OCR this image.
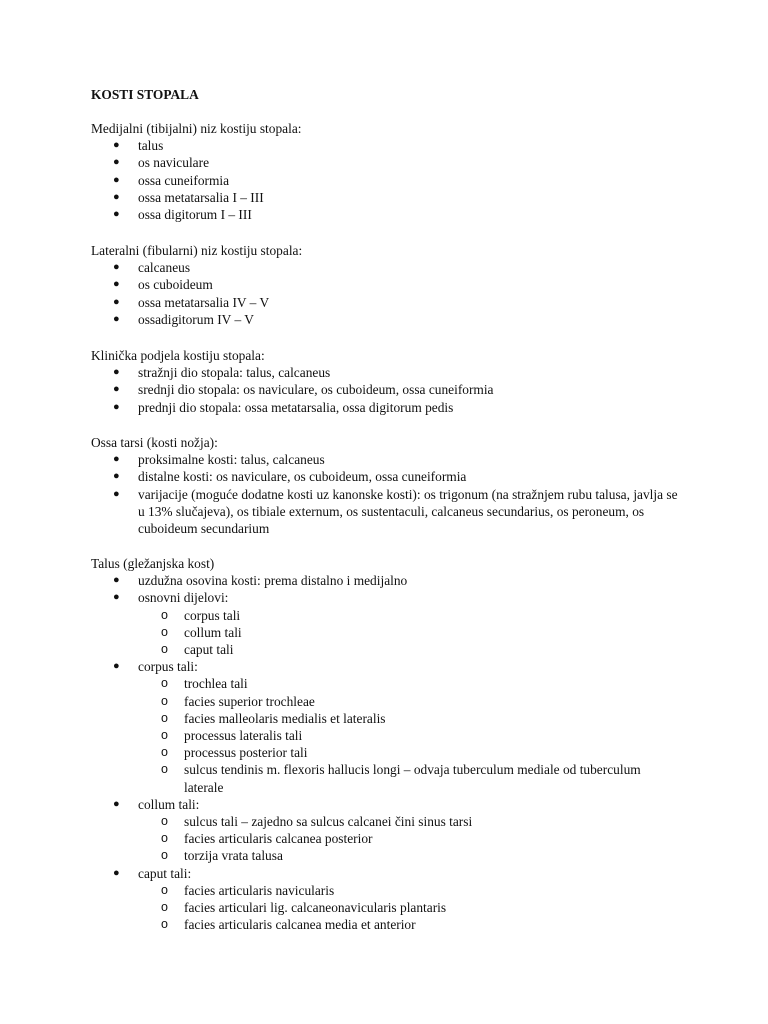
KOSTI STOPALA

Medijalni (tibijalni) niz kostiju stopala:

● talus
● os naviculare
● ossa cuneiformia
● ossa metatarsalia I – III
● ossa digitorum I – III

Lateralni (fibularni) niz kostiju stopala:

● calcaneus
● os cuboideum
● ossa metatarsalia IV – V
● ossadigitorum IV – V

Klinička podjela kostiju stopala:

● stražnji dio stopala: talus, calcaneus
● srednji dio stopala: os naviculare, os cuboideum, ossa cuneiformia
● prednji dio stopala: ossa metatarsalia, ossa digitorum pedis

Ossa tarsi (kosti nožja):

● proksimalne kosti: talus, calcaneus
● distalne kosti: os naviculare, os cuboideum, ossa cuneiformia
● varijacije (moguće dodatne kosti uz kanonske kosti): os trigonum (na stražnjem rubu talusa, javlja se u 13% slučajeva), os tibiale externum, os sustentaculi, calcaneus secundarius, os peroneum, os cuboideum secundarium

Talus (gležanjska kost)

● uzdužna osovina kosti: prema distalno i medijalno
● osnovni dijelovi:
o corpus tali
o collum tali
o caput tali
● corpus tali:
o trochlea tali
o facies superior trochleae
o facies malleolaris medialis et lateralis
o processus lateralis tali
o processus posterior tali
o sulcus tendinis m. flexoris hallucis longi – odvaja tuberculum mediale od tuberculum laterale
● collum tali:
o sulcus tali – zajedno sa sulcus calcanei čini sinus tarsi
o facies articularis calcanea posterior
o torzija vrata talusa
● caput tali:
o facies articularis navicularis
o facies articulari lig. calcaneonavicularis plantaris
o facies articularis calcanea media et anterior
